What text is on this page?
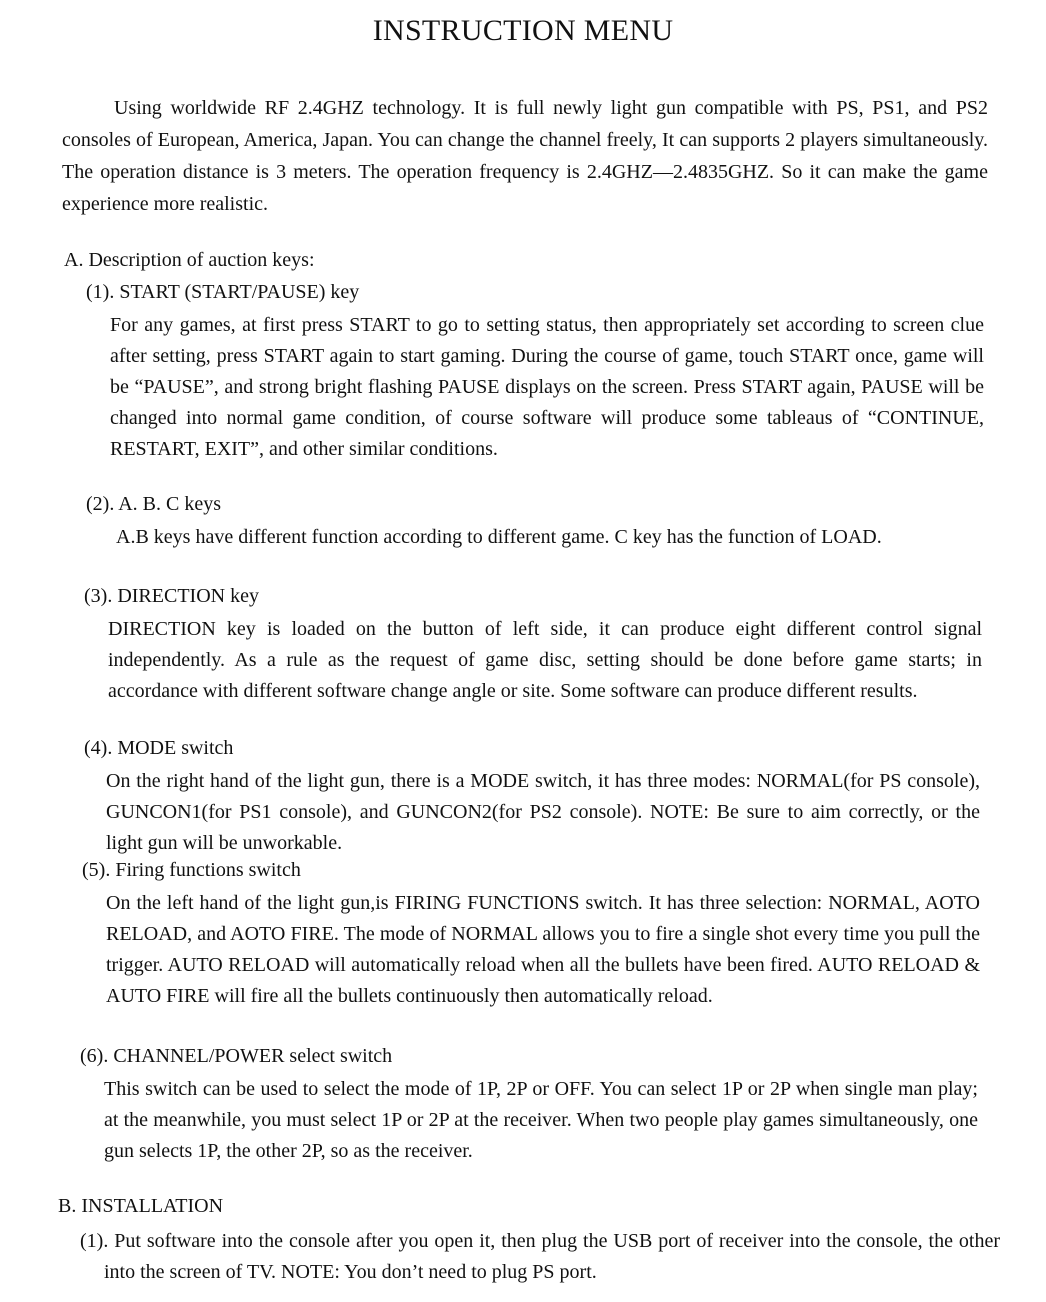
INSTRUCTION MENU

Using worldwide RF 2.4GHZ technology. It is full newly light gun compatible with PS, PS1, and PS2 consoles of European, America, Japan. You can change the channel freely, It can supports 2 players simultaneously. The operation distance is 3 meters. The operation frequency is 2.4GHZ—2.4835GHZ. So it can make the game experience more realistic.

A. Description of auction keys:

(1). START (START/PAUSE) key

For any games, at first press START to go to setting status, then appropriately set according to screen clue after setting, press START again to start gaming. During the course of game, touch START once, game will be “PAUSE”, and strong bright flashing PAUSE displays on the screen. Press START again, PAUSE will be changed into normal game condition, of course software will produce some tableaus of “CONTINUE, RESTART, EXIT”, and other similar conditions.

(2). A. B. C keys

A.B keys have different function according to different game. C key has the function of LOAD.

(3). DIRECTION key

DIRECTION key is loaded on the button of left side, it can produce eight different control signal independently. As a rule as the request of game disc, setting should be done before game starts; in accordance with different software change angle or site. Some software can produce different results.

(4). MODE switch

On the right hand of the light gun, there is a MODE switch, it has three modes: NORMAL(for PS console), GUNCON1(for PS1 console), and GUNCON2(for PS2 console). NOTE: Be sure to aim correctly, or the light gun will be unworkable.

(5). Firing functions switch

On the left hand of the light gun,is FIRING FUNCTIONS switch. It has three selection: NORMAL, AOTO RELOAD, and AOTO FIRE. The mode of NORMAL allows you to fire a single shot every time you pull the trigger. AUTO RELOAD will automatically reload when all the bullets have been fired. AUTO RELOAD & AUTO FIRE will fire all the bullets continuously then automatically reload.

(6). CHANNEL/POWER select switch

This switch can be used to select the mode of 1P, 2P or OFF. You can select 1P or 2P when single man play; at the meanwhile, you must select 1P or 2P at the receiver. When two people play games simultaneously, one gun selects 1P, the other 2P, so as the receiver.

B. INSTALLATION

(1). Put software into the console after you open it, then plug the USB port of receiver into the console, the other into the screen of TV. NOTE: You don’t need to plug PS port.
